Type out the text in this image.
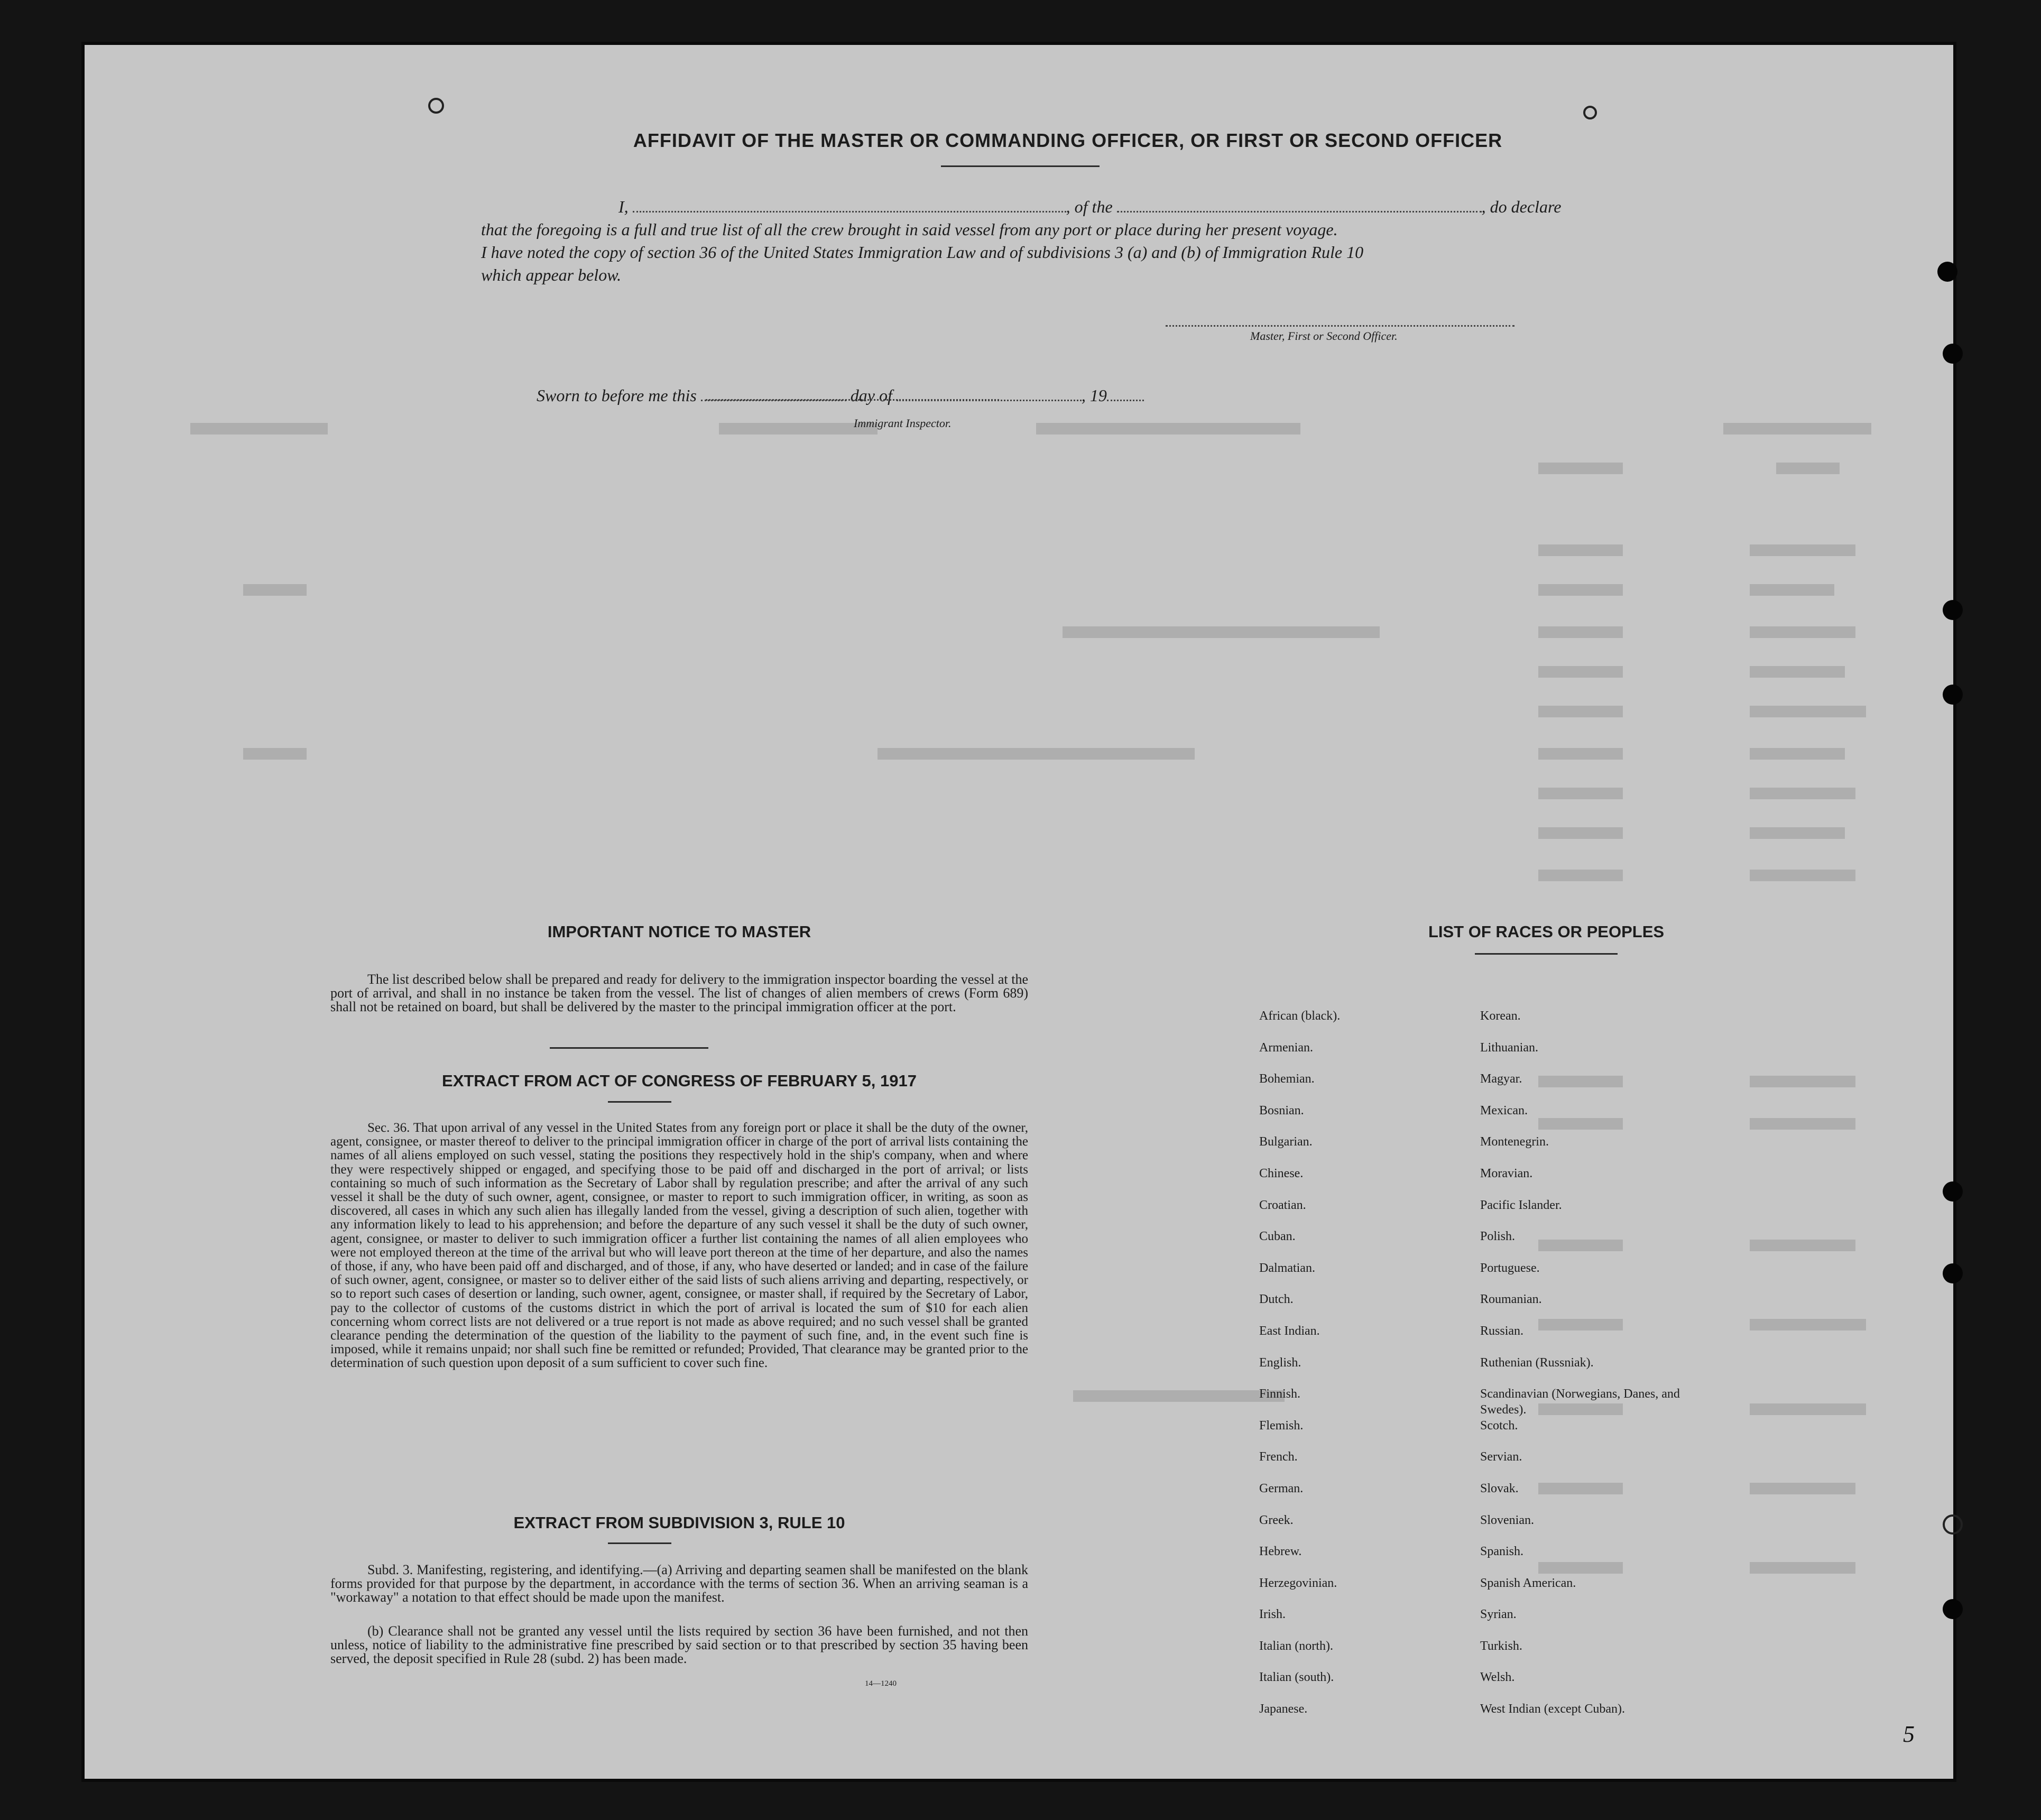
AFFIDAVIT OF THE MASTER OR COMMANDING OFFICER, OR FIRST OR SECOND OFFICER
I,	, of the	, do declare
that the foregoing is a full and true list of all the crew brought in said vessel from any port or place during her present voyage.
I have noted the copy of section 36 of the United States Immigration Law and of subdivisions 3 (a) and (b) of Immigration Rule 10
which appear below.
Master, First or Second Officer.
Sworn to before me this	day of	, 19
Immigrant Inspector.
IMPORTANT NOTICE TO MASTER
The list described below shall be prepared and ready for delivery to the immigration inspector boarding the vessel at the port of arrival, and shall in no instance be taken from the vessel. The list of changes of alien members of crews (Form 689) shall not be retained on board, but shall be delivered by the master to the principal immigration officer at the port.
EXTRACT FROM ACT OF CONGRESS OF FEBRUARY 5, 1917
Sec. 36. That upon arrival of any vessel in the United States from any foreign port or place it shall be the duty of the owner, agent, consignee, or master thereof to deliver to the principal immigration officer in charge of the port of arrival lists containing the names of all aliens employed on such vessel, stating the positions they respectively hold in the ship's company, when and where they were respectively shipped or engaged, and specifying those to be paid off and discharged in the port of arrival; or lists containing so much of such information as the Secretary of Labor shall by regulation prescribe; and after the arrival of any such vessel it shall be the duty of such owner, agent, consignee, or master to report to such immigration officer, in writing, as soon as discovered, all cases in which any such alien has illegally landed from the vessel, giving a description of such alien, together with any information likely to lead to his apprehension; and before the departure of any such vessel it shall be the duty of such owner, agent, consignee, or master to deliver to such immigration officer a further list containing the names of all alien employees who were not employed thereon at the time of the arrival but who will leave port thereon at the time of her departure, and also the names of those, if any, who have been paid off and discharged, and of those, if any, who have deserted or landed; and in case of the failure of such owner, agent, consignee, or master so to deliver either of the said lists of such aliens arriving and departing, respectively, or so to report such cases of desertion or landing, such owner, agent, consignee, or master shall, if required by the Secretary of Labor, pay to the collector of customs of the customs district in which the port of arrival is located the sum of $10 for each alien concerning whom correct lists are not delivered or a true report is not made as above required; and no such vessel shall be granted clearance pending the determination of the question of the liability to the payment of such fine, and, in the event such fine is imposed, while it remains unpaid; nor shall such fine be remitted or refunded; Provided, That clearance may be granted prior to the determination of such question upon deposit of a sum sufficient to cover such fine.
EXTRACT FROM SUBDIVISION 3, RULE 10
Subd. 3. Manifesting, registering, and identifying.—(a) Arriving and departing seamen shall be manifested on the blank forms provided for that purpose by the department, in accordance with the terms of section 36. When an arriving seaman is a "workaway" a notation to that effect should be made upon the manifest.
(b) Clearance shall not be granted any vessel until the lists required by section 36 have been furnished, and not then unless, notice of liability to the administrative fine prescribed by said section or to that prescribed by section 35 having been served, the deposit specified in Rule 28 (subd. 2) has been made.
14—1240
LIST OF RACES OR PEOPLES
African (black).
Armenian.
Bohemian.
Bosnian.
Bulgarian.
Chinese.
Croatian.
Cuban.
Dalmatian.
Dutch.
East Indian.
English.
Finnish.
Flemish.
French.
German.
Greek.
Hebrew.
Herzegovinian.
Irish.
Italian (north).
Italian (south).
Japanese.
Korean.
Lithuanian.
Magyar.
Mexican.
Montenegrin.
Moravian.
Pacific Islander.
Polish.
Portuguese.
Roumanian.
Russian.
Ruthenian (Russniak).
Scandinavian (Norwegians, Danes, and Swedes).
Scotch.
Servian.
Slovak.
Slovenian.
Spanish.
Spanish American.
Syrian.
Turkish.
Welsh.
West Indian (except Cuban).
5
